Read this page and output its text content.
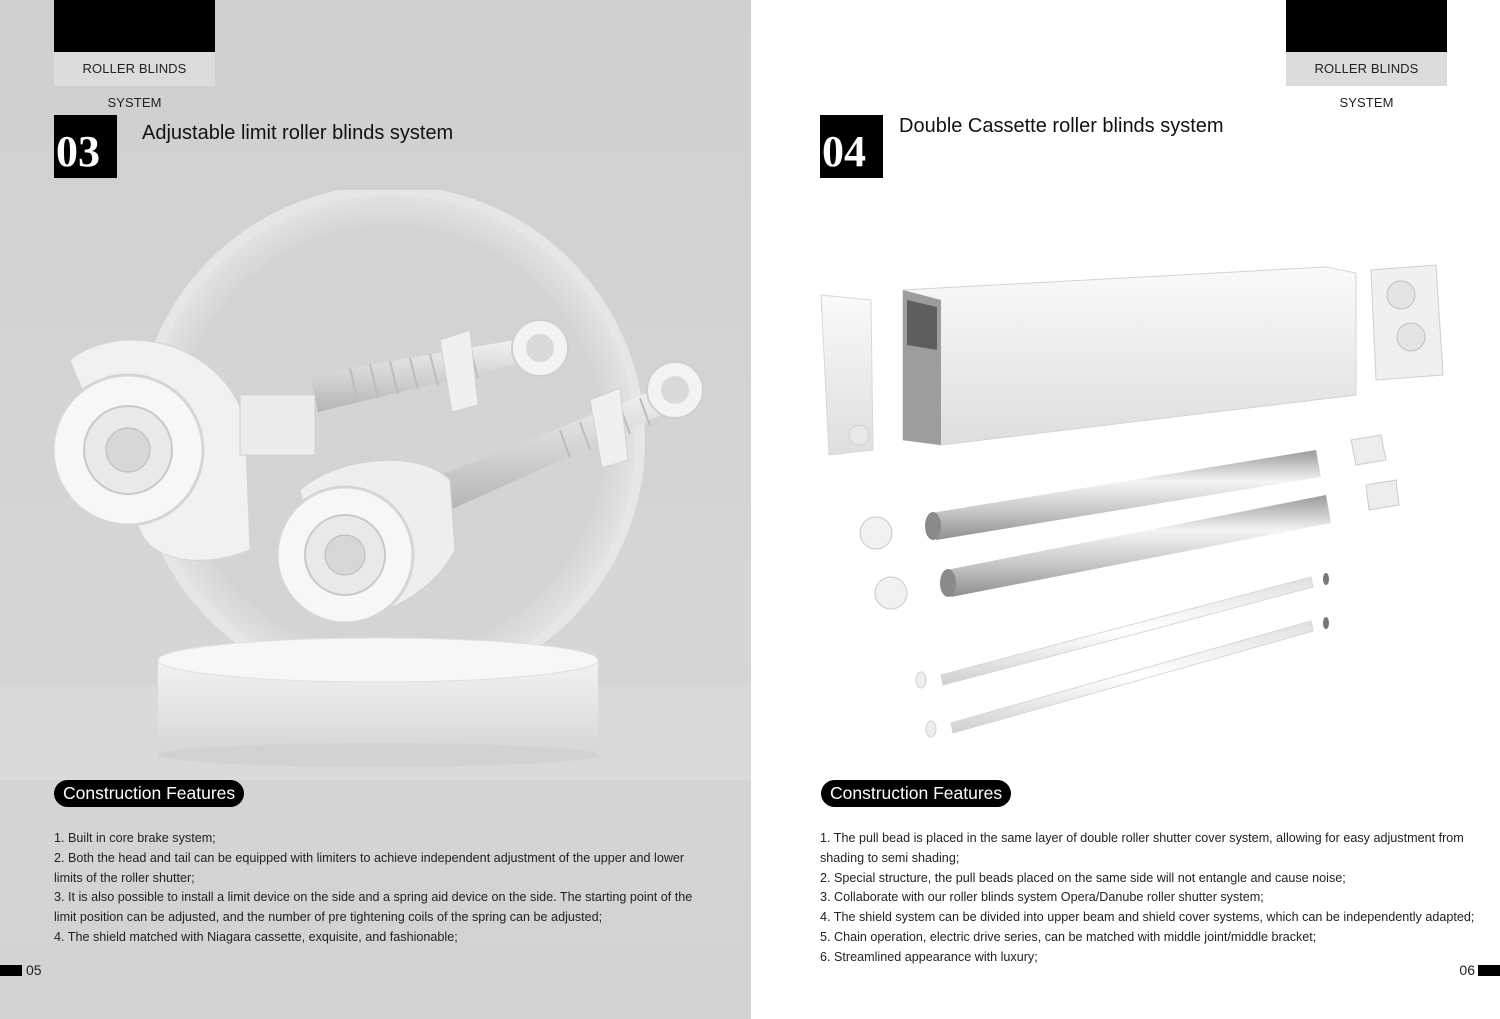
ROLLER BLINDS SYSTEM
03	Adjustable limit roller blinds system
Construction Features
1. Built in core brake system;
2. Both the head and tail can be equipped with limiters to achieve independent adjustment of the upper and lower limits of the roller shutter;
3. It is also possible to install a limit device on the side and a spring aid device on the side. The starting point of the limit position can be adjusted, and the number of pre tightening coils of the spring can be adjusted;
4. The shield matched with Niagara cassette, exquisite, and fashionable;
05
ROLLER BLINDS SYSTEM
04
Double Cassette roller blinds system
Construction Features
1. The pull bead is placed in the same layer of double roller shutter cover system, allowing for easy adjustment from shading to semi shading;
2. Special structure, the pull beads placed on the same side will not entangle and cause noise;
3. Collaborate with our roller blinds system Opera/Danube roller shutter system;
4. The shield system can be divided into upper beam and shield cover systems, which can be independently adapted;
5. Chain operation, electric drive series, can be matched with middle joint/middle bracket;
6. Streamlined appearance with luxury;
06
